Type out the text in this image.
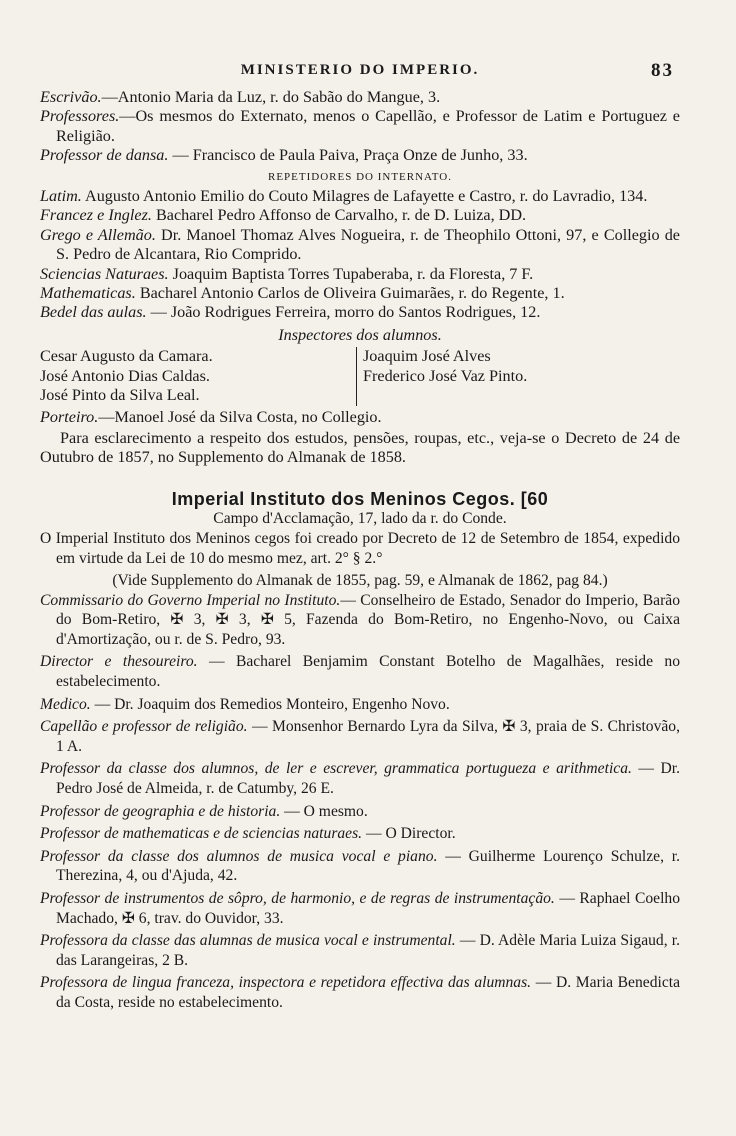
MINISTERIO DO IMPERIO.	83

Escrivão.—Antonio Maria da Luz, r. do Sabão do Mangue, 3.

Professores.—Os mesmos do Externato, menos o Capellão, e Professor de Latim e Portuguez e Religião.

Professor de dansa. — Francisco de Paula Paiva, Praça Onze de Junho, 33.

REPETIDORES DO INTERNATO.

Latim. Augusto Antonio Emilio do Couto Milagres de Lafayette e Castro, r. do Lavradio, 134.

Francez e Inglez. Bacharel Pedro Affonso de Carvalho, r. de D. Luiza, DD.

Grego e Allemão. Dr. Manoel Thomaz Alves Nogueira, r. de Theophilo Ottoni, 97, e Collegio de S. Pedro de Alcantara, Rio Comprido.

Sciencias Naturaes. Joaquim Baptista Torres Tupaberaba, r. da Floresta, 7 F.

Mathematicas. Bacharel Antonio Carlos de Oliveira Guimarães, r. do Regente, 1.

Bedel das aulas. — João Rodrigues Ferreira, morro do Santos Rodrigues, 12.

Inspectores dos alumnos.

Cesar Augusto da Camara.
José Antonio Dias Caldas.
José Pinto da Silva Leal.
Joaquim José Alves
Frederico José Vaz Pinto.

Porteiro.—Manoel José da Silva Costa, no Collegio.

Para esclarecimento a respeito dos estudos, pensões, roupas, etc., veja-se o Decreto de 24 de Outubro de 1857, no Supplemento do Almanak de 1858.

Imperial Instituto dos Meninos Cegos. [60

Campo d'Acclamação, 17, lado da r. do Conde.

O Imperial Instituto dos Meninos cegos foi creado por Decreto de 12 de Setembro de 1854, expedido em virtude da Lei de 10 do mesmo mez, art. 2° § 2.°

(Vide Supplemento do Almanak de 1855, pag. 59, e Almanak de 1862, pag 84.)

Commissario do Governo Imperial no Instituto.— Conselheiro de Estado, Senador do Imperio, Barão do Bom-Retiro, ✠ 3, ✠ 3, ✠ 5, Fazenda do Bom-Retiro, no Engenho-Novo, ou Caixa d'Amortização, ou r. de S. Pedro, 93.

Director e thesoureiro. — Bacharel Benjamim Constant Botelho de Magalhães, reside no estabelecimento.

Medico. — Dr. Joaquim dos Remedios Monteiro, Engenho Novo.

Capellão e professor de religião. — Monsenhor Bernardo Lyra da Silva, ✠ 3, praia de S. Christovão, 1 A.

Professor da classe dos alumnos, de ler e escrever, grammatica portugueza e arithmetica. — Dr. Pedro José de Almeida, r. de Catumby, 26 E.

Professor de geographia e de historia. — O mesmo.

Professor de mathematicas e de sciencias naturaes. — O Director.

Professor da classe dos alumnos de musica vocal e piano. — Guilherme Lourenço Schulze, r. Therezina, 4, ou d'Ajuda, 42.

Professor de instrumentos de sôpro, de harmonio, e de regras de instrumentação. — Raphael Coelho Machado, ✠ 6, trav. do Ouvidor, 33.

Professora da classe das alumnas de musica vocal e instrumental. — D. Adèle Maria Luiza Sigaud, r. das Larangeiras, 2 B.

Professora de lingua franceza, inspectora e repetidora effectiva das alumnas. — D. Maria Benedicta da Costa, reside no estabelecimento.
